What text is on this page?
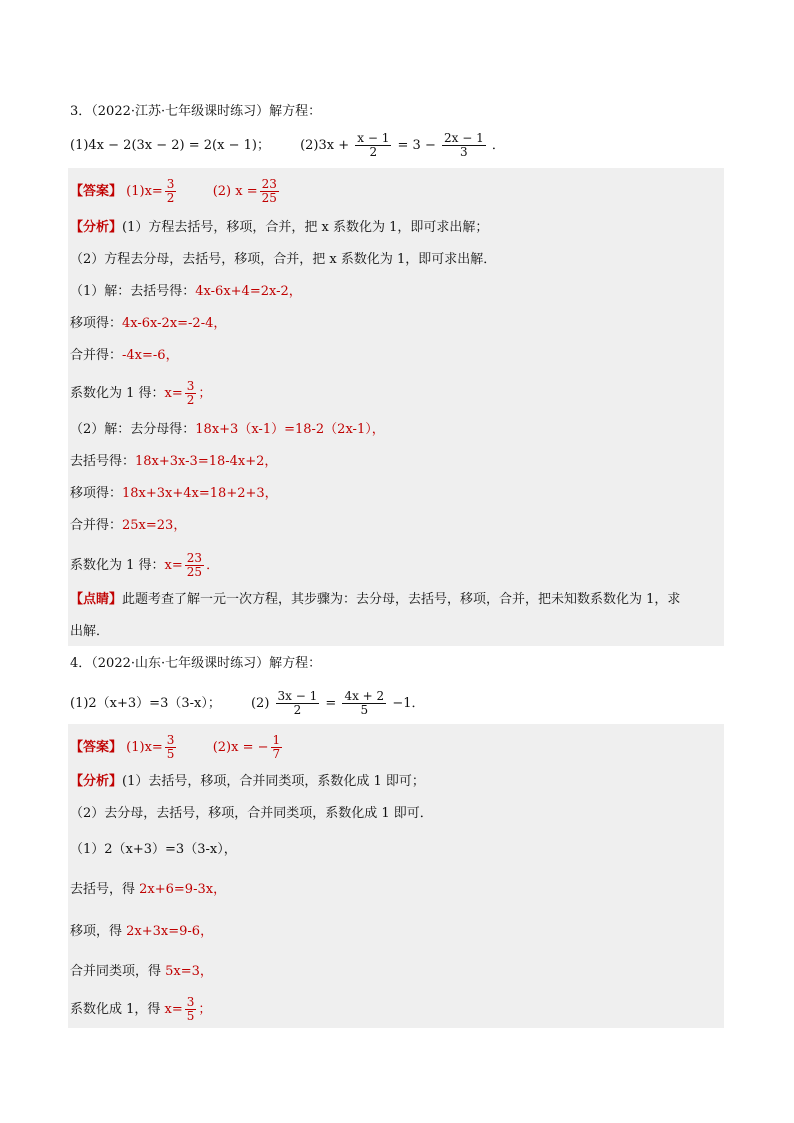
3．（2022·江苏·七年级课时练习）解方程：
(1)4x − 2(3x − 2) = 2(x − 1)； $(2)3x + \frac{x - 1}{2} = 3 - \frac{2x - 1}{3}$ ．
【答案】 $(1)x= \frac{3}{2}$	(2) $x = \frac{23}{25}$
【分析】(1）方程去括号，移项，合并，把 x 系数化为 1，即可求出解；
（2）方程去分母，去括号，移项，合并，把 x 系数化为 1，即可求出解．
（1）解：去括号得：4x-6x+4=2x-2，
移项得：4x-6x-2x=-2-4，
合并得：-4x=-6，
系数化为 1 得：$x= \frac{3}{2}$ ；
（2）解：去分母得：18x+3（x-1）=18-2（2x-1），
去括号得：18x+3x-3=18-4x+2，
移项得：18x+3x+4x=18+2+3，
合并得：25x=23，
系数化为 1 得：$x= \frac{23}{25}$ ．
【点睛】此题考查了解一元一次方程，其步骤为：去分母，去括号，移项，合并，把未知数系数化为 1，求
出解．
4．（2022·山东·七年级课时练习）解方程：
(1)2（x+3）=3（3-x）； $(2) \frac{3x - 1}{2} = \frac{4x + 2}{5} -1$．
【答案】 $(1)x= \frac{3}{5}$	(2)x = − $\frac{1}{7}$
【分析】(1）去括号，移项，合并同类项，系数化成 1 即可；
（2）去分母，去括号，移项，合并同类项，系数化成 1 即可．
（1）2（x+3）=3（3-x），
去括号，得 2x+6=9-3x，
移项，得 2x+3x=9-6，
合并同类项，得 5x=3，
系数化成 1，得 $x= \frac{3}{5}$ ；
